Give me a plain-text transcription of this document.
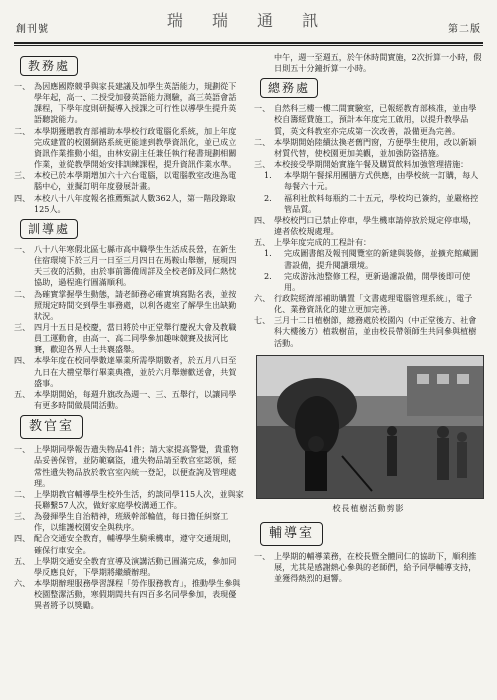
創刊號	瑞 瑞 通 訊	第二版
教務處

一、 為因應國際競爭與家長建議及加學生英語能力，規劃從下學年起，高一、二授受加發英語能力測驗，高三英語會話課程，下學年度則研擬導入授課之可行性以導學生提升英語聽說能力。

二、 本學期獲贈教育部補助本學校行政電腦化系統，加上年度完成建置的校園網路系統更能達到教學資訊化，並已成立資訊作業推動小組，由林安副主任兼任執行秘書規劃相關作業，並從教學開始安排訓練課程，提升資訊作業水準。

三、 本校已於本學期增加六十六台電腦，以電腦教室改進為電腦中心，並擬訂明年度發展計畫。

四、 本校八十八年度報名推薦甄試人數362人，第一階段錄取125人。

訓導處

一、 八十八年寒假北區七縣市高中職學生生活成長營，在新生住宿環境下於三月一日至三月四日在馬鞍山舉辦，展現四天三夜的活動，由於事前籌備周詳及全校老師及同仁熱忱協助，過程進行圓滿順利。

二、 為確實掌握學生動態，請老師務必確實填寫點名表，並按照規定時間交到學生事務處，以利各處室了解學生出缺勤狀況。

三、 四月十五日是校慶，當日將於中正堂舉行慶祝大會及教職員工運動會，由高一、高二同學參加趣味競賽及拔河比賽，歡迎各界人士共襄盛舉。

四、 本學年度在校同學數達畢業所需學期數者，於五月八日至九日在大禮堂舉行畢業典禮，並於六月舉辦歡送會，共賀盛事。

五、 本學期開始，每週升旗改為週一、三、五舉行，以讓同學有更多時間做晨間活動。

教官室

一、 上學期同學報告遺失物品41件；請大家提高警覺，貴重物品妥善保管，並防範竊盜，遺失物品請至教官室認領，經常性遺失物品放於教官室內統一登記，以便查詢及管理處理。

二、 上學期教官輔導學生校外生活，約談同學115人次，並與家長聯繫57人次，做好家庭學校溝通工作。

三、 為發揮學生自治精神，班級幹部輪值，每日擔任糾察工作，以維護校園安全與秩序。

四、 配合交通安全教育，輔導學生騎乘機車，遵守交通規則，確保行車安全。

五、 上學期交通安全教育宣導及演講活動已圓滿完成，參加同學反應良好，下學期將繼續辦理。

六、 本學期辦理服務學習課程「勞作服務教育」，推動學生參與校園整潔活動，寒假期間共有四百多名同學參加，表現優異者將予以獎勵。

中午，週一至週五，於午休時間實施，2次折算一小時，假日則五十分鐘折算一小時。

總務處

一、 自然科三樓一樓二間實驗室，已報經教育部核准，並由學校自籌經費施工，預計本年度完工啟用，以提升教學品質，英文科教室亦完成第一次改善，設備更為完善。

二、 本學期開始陸續汰換老舊門窗，方便學生使用，改以新穎材質代替，使校園更加美觀，並加強防盜措施。

三、 本校接受學期開始實施午餐及購買飲料加強管理措施：

1. 本學期午餐採用團膳方式供應，由學校統一訂購，每人每餐六十元。

2. 福利社飲料每瓶約二十五元，學校均已簽約，並嚴格控管品質。

四、 學校校門口已禁止停車，學生機車請停放於規定停車場，違者依校規處理。

五、 上學年度完成的工程計有：

1. 完成圖書館及報刊閱覽室的新建與裝修，並擴充館藏圖書設備，提升閱讀環境。

2. 完成游泳池整修工程，更新過濾設備，開學後即可使用。

六、 行政院經濟部補助購置「文書處理電腦管理系統」，電子化、業務資訊化的建立更加完善。

七、 三月十二日植樹節，總務處於校園內（中正堂後方、社會科大樓後方）植栽樹苗，並由校長帶領師生共同參與植樹活動。

校長植樹活動剪影

輔導室

一、 上學期的輔導業務，在校長暨全體同仁的協助下，順利推展，尤其是感謝熱心參與的老師們，給予同學輔導支持，並獲得熱烈的迴響。
